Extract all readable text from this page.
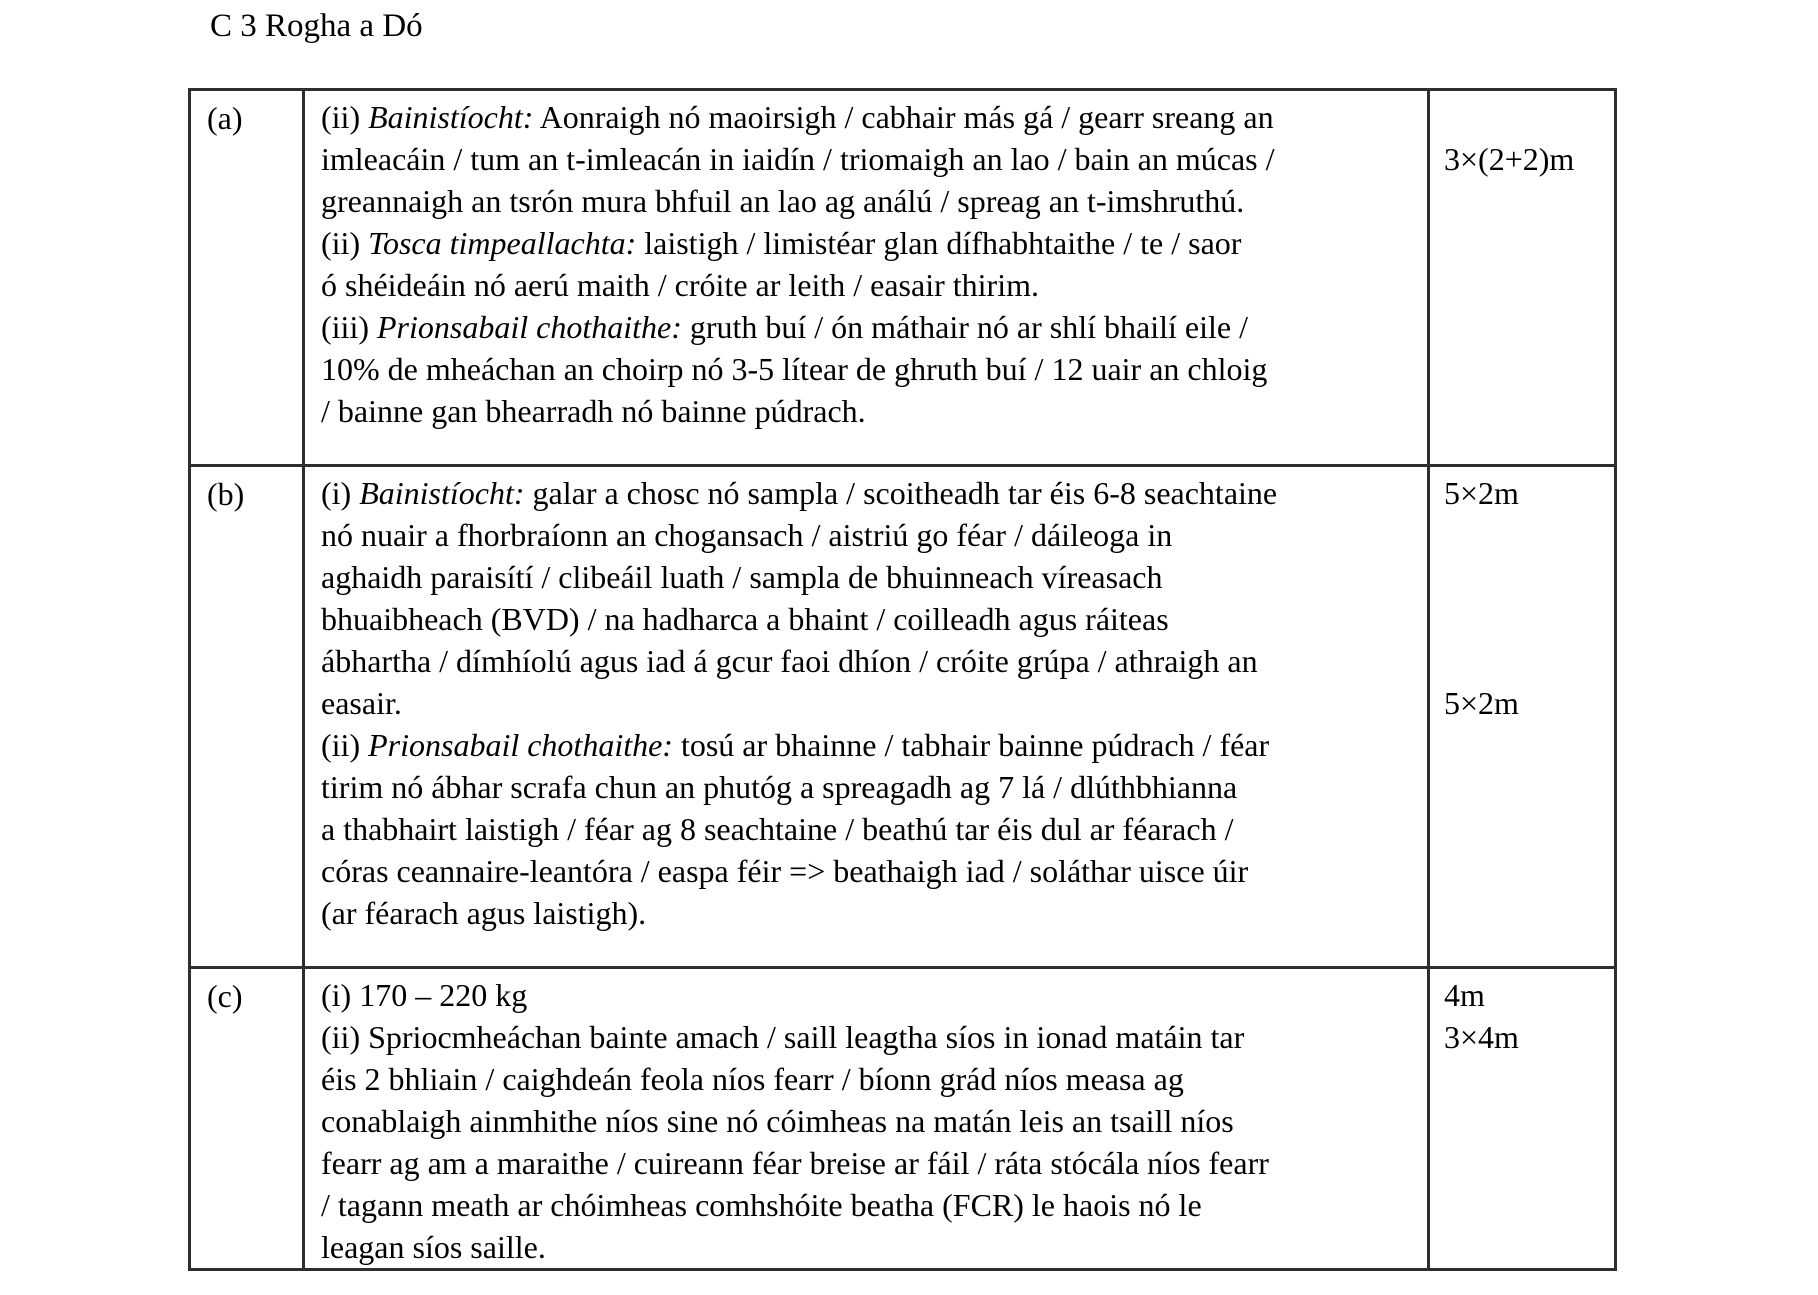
C 3 Rogha a Dó
(a)	(ii) Bainistíocht: Aonraigh nó maoirsigh / cabhair más gá / gearr sreang an
imleacáin / tum an t-imleacán in iaidín / triomaigh an lao / bain an múcas /
greannaigh an tsrón mura bhfuil an lao ag análú / spreag an t-imshruthú.
(ii) Tosca timpeallachta: laistigh / limistéar glan dífhabhtaithe / te / saor
ó shéideáin nó aerú maith / cróite ar leith / easair thirim.
(iii) Prionsabail chothaithe: gruth buí / ón máthair nó ar shlí bhailí eile /
10% de mheáchan an choirp nó 3-5 lítear de ghruth buí / 12 uair an chloig
/ bainne gan bhearradh nó bainne púdrach.
3×(2+2)m
(b)	(i) Bainistíocht: galar a chosc nó sampla / scoitheadh tar éis 6-8 seachtaine
nó nuair a fhorbraíonn an chogansach / aistriú go féar / dáileoga in
aghaidh paraisítí / clibeáil luath / sampla de bhuinneach víreasach
bhuaibheach (BVD) / na hadharca a bhaint / coilleadh agus ráiteas
ábhartha / dímhíolú agus iad á gcur faoi dhíon / cróite grúpa / athraigh an
easair.
(ii) Prionsabail chothaithe: tosú ar bhainne / tabhair bainne púdrach / féar
tirim nó ábhar scrafa chun an phutóg a spreagadh ag 7 lá / dlúthbhianna
a thabhairt laistigh / féar ag 8 seachtaine / beathú tar éis dul ar féarach /
córas ceannaire-leantóra / easpa féir => beathaigh iad / soláthar uisce úir
(ar féarach agus laistigh).
5×2m
5×2m
(c)	(i) 170 – 220 kg
(ii) Spriocmheáchan bainte amach / saill leagtha síos in ionad matáin tar
éis 2 bhliain / caighdeán feola níos fearr / bíonn grád níos measa ag
conablaigh ainmhithe níos sine nó cóimheas na matán leis an tsaill níos
fearr ag am a maraithe / cuireann féar breise ar fáil / ráta stócála níos fearr
/ tagann meath ar chóimheas comhshóite beatha (FCR) le haois nó le
leagan síos saille.
4m
3×4m
